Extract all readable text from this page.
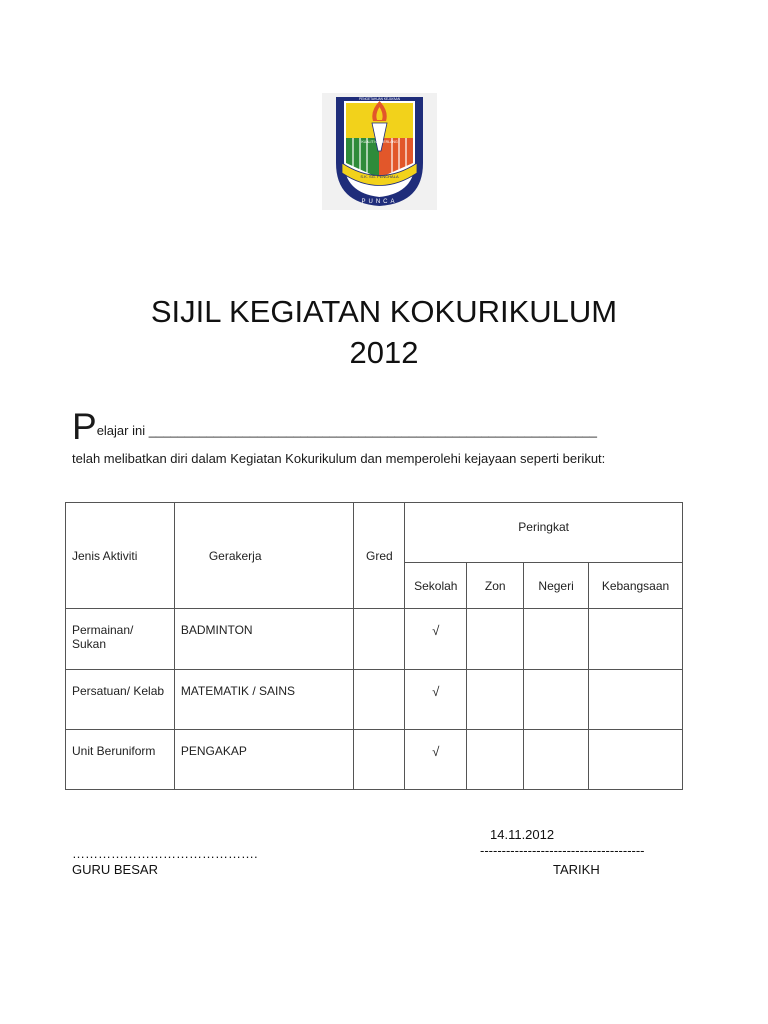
S.K. SG. PENCHALA
PUNCA
KUALITI CEMERLANG
PENGETAHUAN KEJAYAAN
SIJIL KEGIATAN KOKURIKULUM
2012
Pelajar ini ______________________________________________________________
telah melibatkan diri dalam Kegiatan Kokurikulum dan memperolehi kejayaan seperti berikut:
Jenis Aktiviti	Gerakerja	Gred	Peringkat			
			Sekolah	Zon	Negeri	Kebangsaan
Permainan/ Sukan	BADMINTON		√			
Persatuan/ Kelab	MATEMATIK / SAINS		√			
Unit Beruniform	PENGAKAP		√			
14.11.2012
…………………………………….	--------------------------------------
GURU BESAR	TARIKH
